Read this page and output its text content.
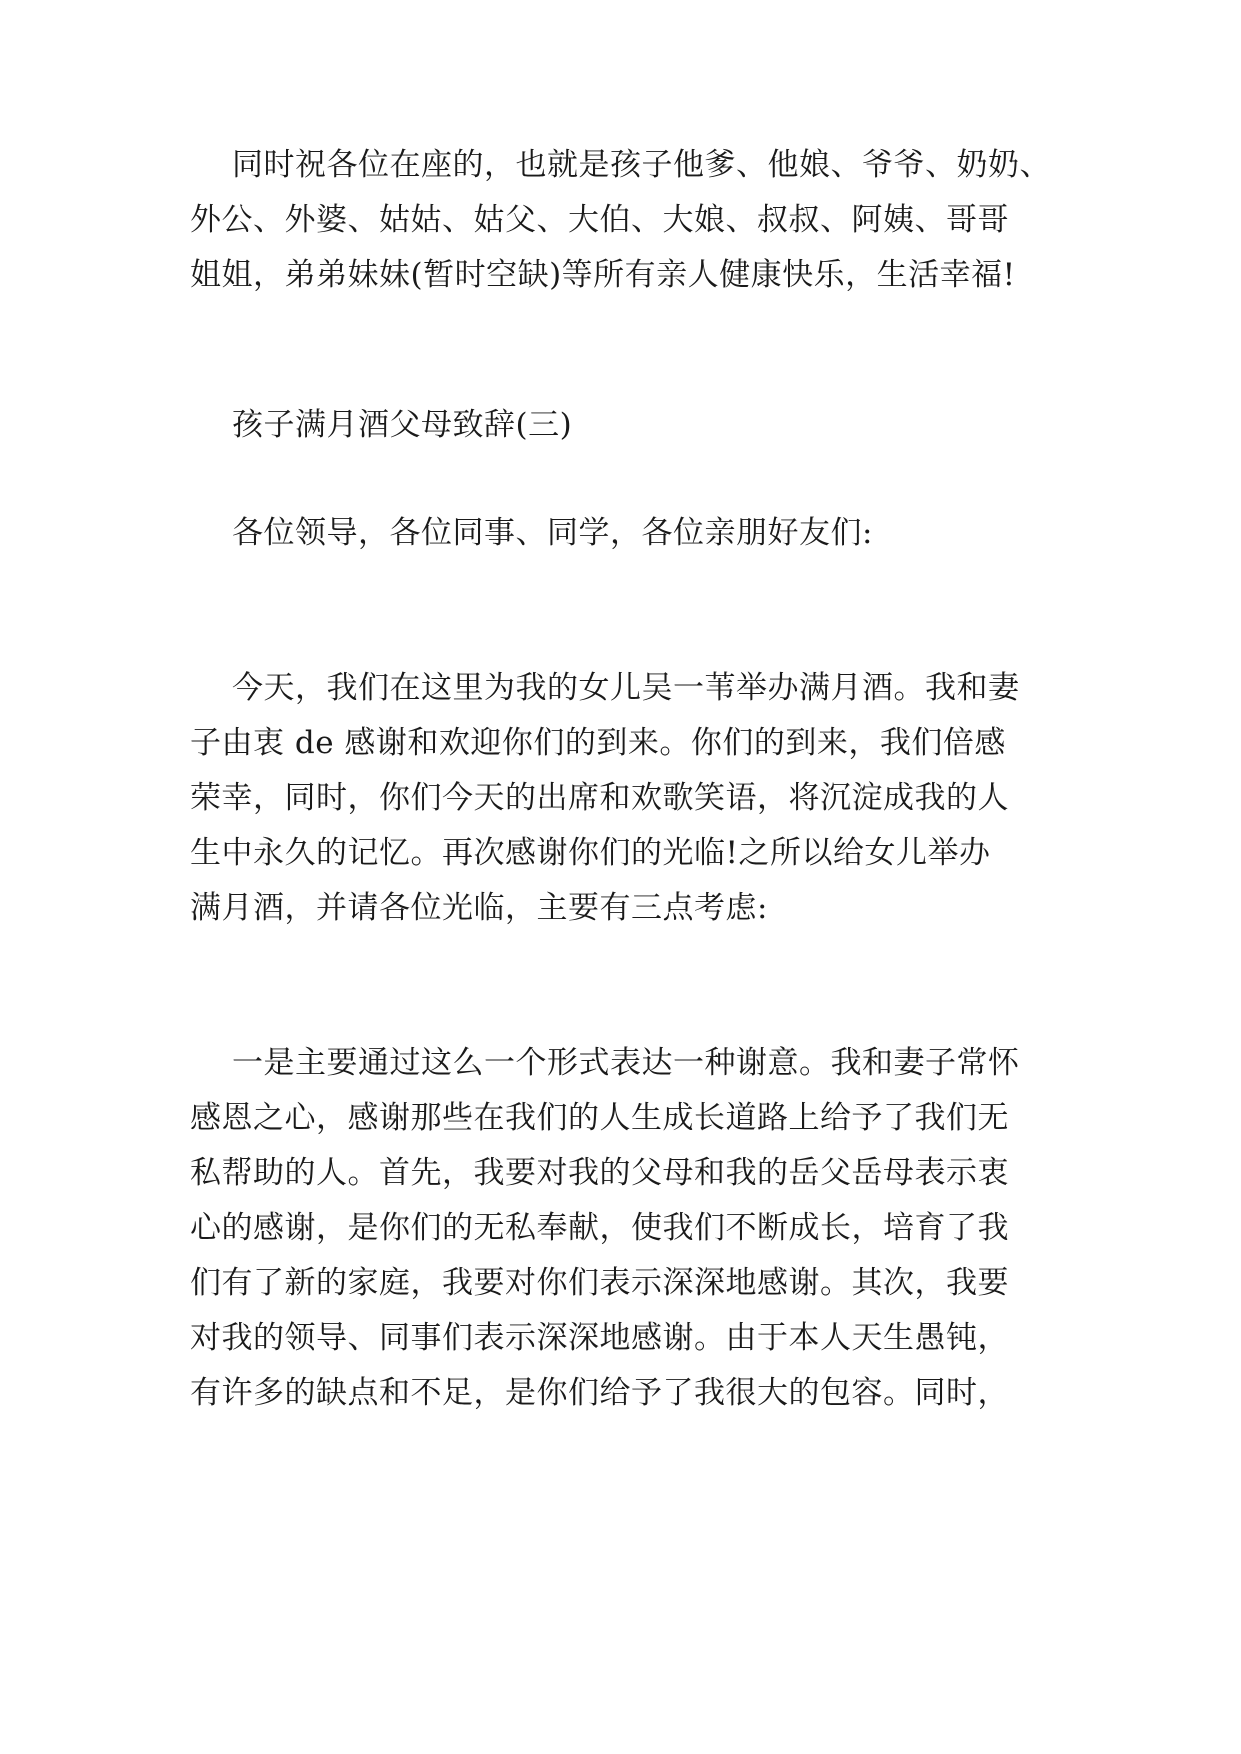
同时祝各位在座的，也就是孩子他爹、他娘、爷爷、奶奶、
外公、外婆、姑姑、姑父、大伯、大娘、叔叔、阿姨、哥哥
姐姐，弟弟妹妹(暂时空缺)等所有亲人健康快乐，生活幸福!
孩子满月酒父母致辞(三)
各位领导，各位同事、同学，各位亲朋好友们:
今天，我们在这里为我的女儿吴一苇举办满月酒。我和妻
子由衷 de 感谢和欢迎你们的到来。你们的到来，我们倍感
荣幸，同时，你们今天的出席和欢歌笑语，将沉淀成我的人
生中永久的记忆。再次感谢你们的光临!之所以给女儿举办
满月酒，并请各位光临，主要有三点考虑:
一是主要通过这么一个形式表达一种谢意。我和妻子常怀
感恩之心，感谢那些在我们的人生成长道路上给予了我们无
私帮助的人。首先，我要对我的父母和我的岳父岳母表示衷
心的感谢，是你们的无私奉献，使我们不断成长，培育了我
们有了新的家庭，我要对你们表示深深地感谢。其次，我要
对我的领导、同事们表示深深地感谢。由于本人天生愚钝，
有许多的缺点和不足，是你们给予了我很大的包容。同时，
